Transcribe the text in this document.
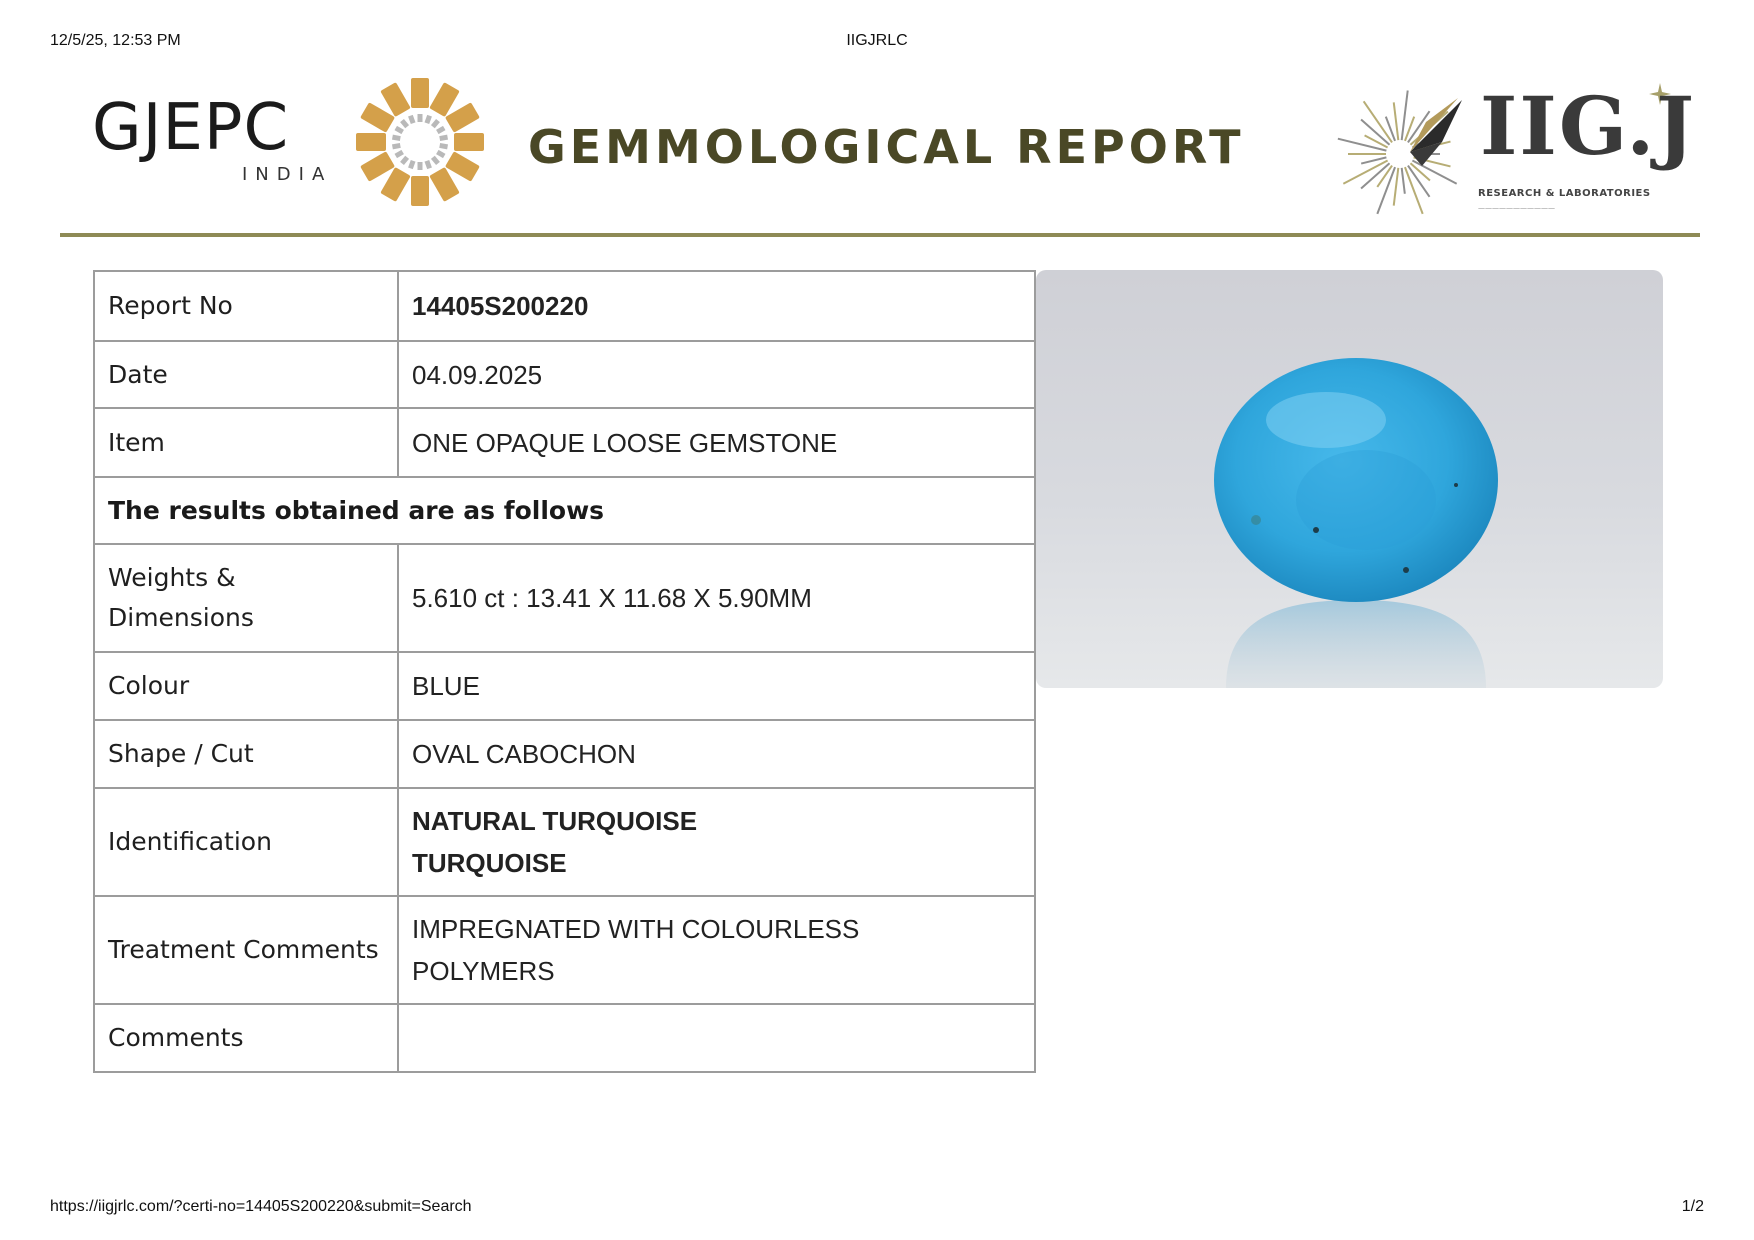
12/5/25, 12:53 PM	IIGJRLC
GJEPC
INDIA
GEMMOLOGICAL REPORT	IIG.J
RESEARCH & LABORATORIES
———————————
Report No	14405S200220
Date	04.09.2025
Item	ONE OPAQUE LOOSE GEMSTONE
The results obtained are as follows	

Weights &
Dimensions	5.610 ct : 13.41 X 11.68 X 5.90MM
Colour	BLUE
Shape / Cut	OVAL CABOCHON
Identification	NATURAL TURQUOISE
TURQUOISE

Treatment Comments	IMPREGNATED WITH COLOURLESS
POLYMERS

Comments	
https://iigjrlc.com/?certi-no=14405S200220&submit=Search	1/2
